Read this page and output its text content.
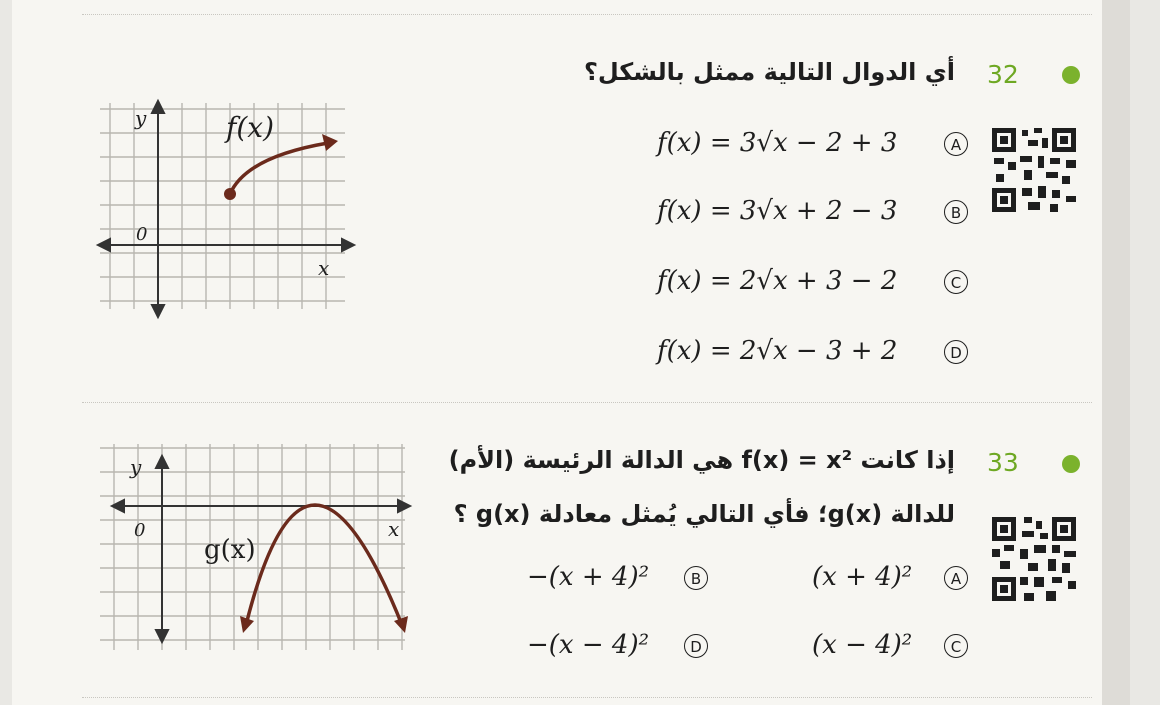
32
أي الدوال التالية ممثل بالشكل؟
A
f(x) = 3√x − 2 + 3
B
f(x) = 3√x + 2 − 3
C
f(x) = 2√x + 3 − 2
D
f(x) = 2√x − 3 + 2
f(x)
y
x
0
33
إذا كانت f(x) = x² هي الدالة الرئيسة (الأم)
للدالة g(x)؛ فأي التالي يُمثل معادلة g(x) ؟
A
(x + 4)²
B
−(x + 4)²
C
(x − 4)²
D
−(x − 4)²
g(x)
y
x
0
